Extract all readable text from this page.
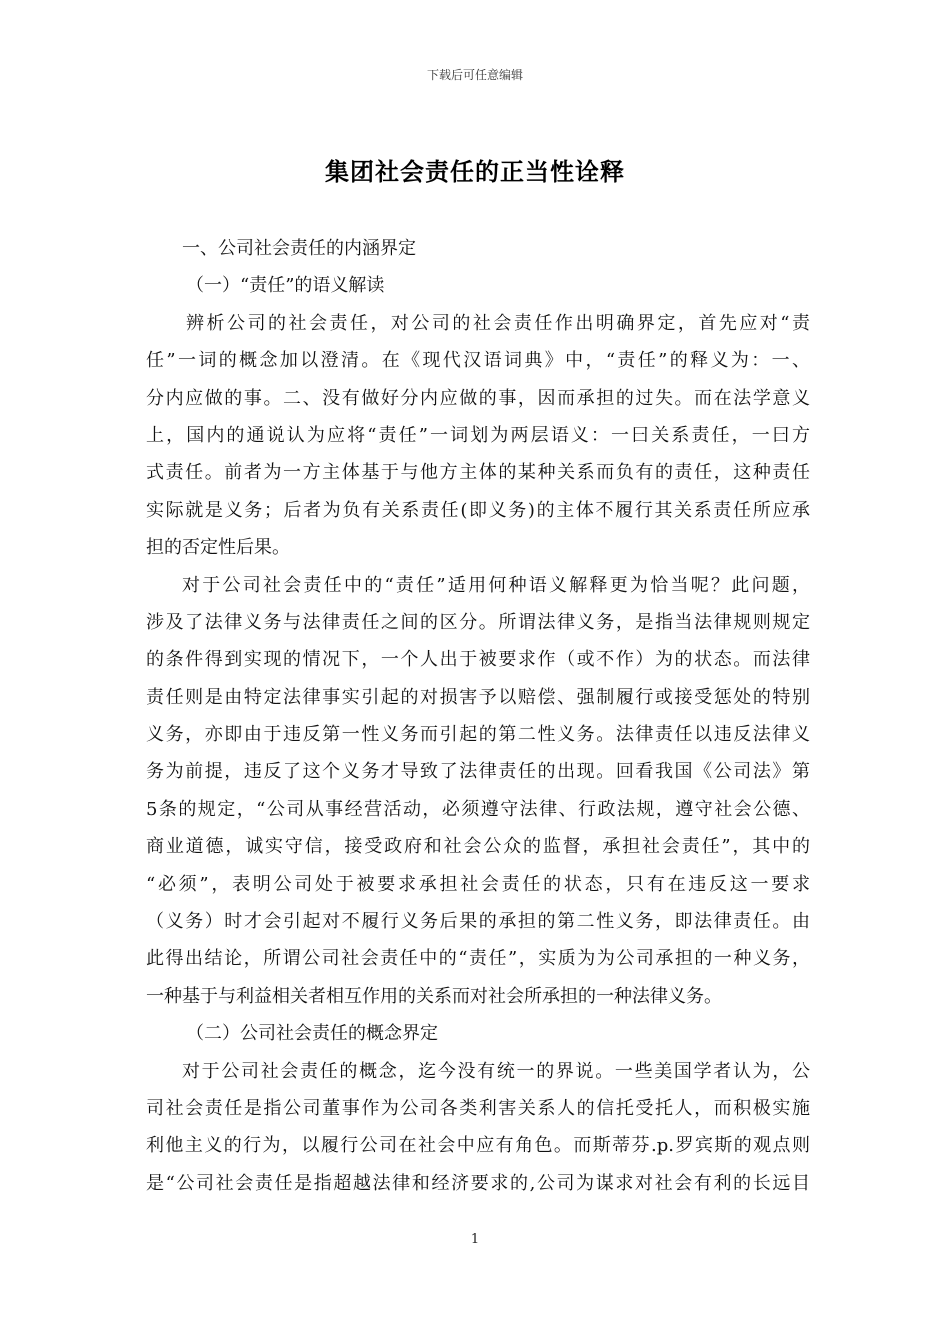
下载后可任意编辑
集团社会责任的正当性诠释
一、公司社会责任的内涵界定
（一）“责任”的语义解读
辨析公司的社会责任，对公司的社会责任作出明确界定，首先应对“责
任”一词的概念加以澄清。在《现代汉语词典》中，“责任”的释义为：一、
分内应做的事。二、没有做好分内应做的事，因而承担的过失。而在法学意义
上，国内的通说认为应将“责任”一词划为两层语义：一曰关系责任，一曰方
式责任。前者为一方主体基于与他方主体的某种关系而负有的责任，这种责任
实际就是义务；后者为负有关系责任(即义务)的主体不履行其关系责任所应承
担的否定性后果。
对于公司社会责任中的“责任”适用何种语义解释更为恰当呢？此问题，
涉及了法律义务与法律责任之间的区分。所谓法律义务，是指当法律规则规定
的条件得到实现的情况下，一个人出于被要求作（或不作）为的状态。而法律
责任则是由特定法律事实引起的对损害予以赔偿、强制履行或接受惩处的特别
义务，亦即由于违反第一性义务而引起的第二性义务。法律责任以违反法律义
务为前提，违反了这个义务才导致了法律责任的出现。回看我国《公司法》第
5条的规定，“公司从事经营活动，必须遵守法律、行政法规，遵守社会公德、
商业道德，诚实守信，接受政府和社会公众的监督，承担社会责任”，其中的
“必须”，表明公司处于被要求承担社会责任的状态，只有在违反这一要求
（义务）时才会引起对不履行义务后果的承担的第二性义务，即法律责任。由
此得出结论，所谓公司社会责任中的“责任”，实质为为公司承担的一种义务，
一种基于与利益相关者相互作用的关系而对社会所承担的一种法律义务。
（二）公司社会责任的概念界定
对于公司社会责任的概念，迄今没有统一的界说。一些美国学者认为，公
司社会责任是指公司董事作为公司各类利害关系人的信托受托人，而积极实施
利他主义的行为，以履行公司在社会中应有角色。而斯蒂芬.p.罗宾斯的观点则
是“公司社会责任是指超越法律和经济要求的,公司为谋求对社会有利的长远目
1
